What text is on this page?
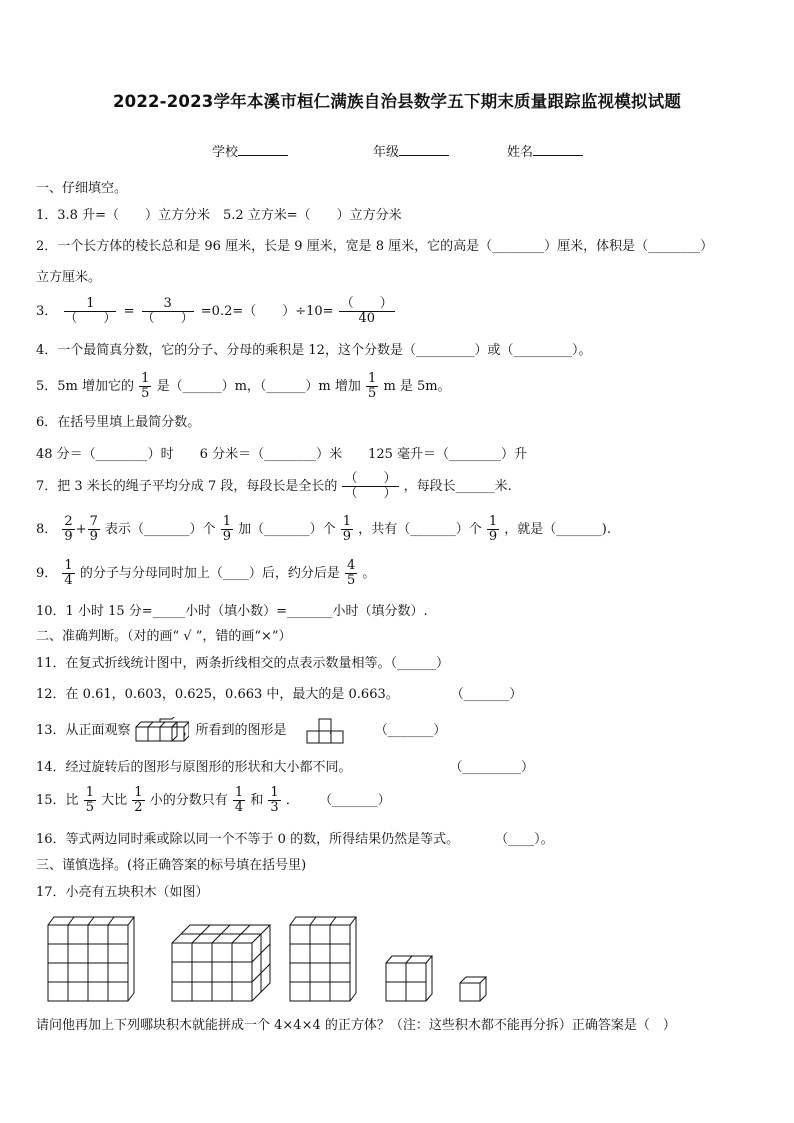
2022-2023学年本溪市桓仁满族自治县数学五下期末质量跟踪监视模拟试题
学校	年级	姓名
一、仔细填空。
1．3.8 升=（　　）立方分米　5.2 立方米=（　　）立方分米
2．一个长方体的棱长总和是 96 厘米，长是 9 厘米，宽是 8 厘米，它的高是（________）厘米，体积是（________）
立方厘米。
3． $\frac{1}{( )} = \frac{3}{( )} =0.2=$（　　）$\div 10= \frac{( )}{40}$
4．一个最简真分数，它的分子、分母的乘积是 12，这个分数是（_________）或（_________）。
5．5m 增加它的 $\frac{1}{5}$ 是（______）m，（______）m 增加 $\frac{1}{5}$ m 是 5m。
6．在括号里填上最简分数。
48 分＝（________）时　　6 分米＝（________）米　　125 毫升＝（________）升
7．把 3 米长的绳子平均分成 7 段，每段长是全长的 $\frac{( )}{( )}$ ，每段长______米.
8． $\frac{2}{9} + \frac{7}{9}$ 表示（_______）个 $\frac{1}{9}$ 加（_______）个 $\frac{1}{9}$ ，共有（_______）个 $\frac{1}{9}$ ，就是（_______).
9． $\frac{1}{4}$ 的分子与分母同时加上（____）后，约分后是 $\frac{4}{5}$ 。
10．1 小时 15 分=_____小时（填小数）=_______小时（填分数）.
二、准确判断。（对的画“ √ ”，错的画“×”）
11．在复式折线统计图中，两条折线相交的点表示数量相等。（______）
12．在 0.61，0.603，0.625，0.663 中，最大的是 0.663。	（_______）
13．从正面观察	，所看到的图形是	.	（_______）
14．经过旋转后的图形与原图形的形状和大小都不同。	（_________）
15．比 $\frac{1}{5}$ 大比 $\frac{1}{2}$ 小的分数只有 $\frac{1}{4}$ 和 $\frac{1}{3}$ ． （_______）
16．等式两边同时乘或除以同一个不等于 0 的数，所得结果仍然是等式。	（____）。
三、谨慎选择。(将正确答案的标号填在括号里)
17．小亮有五块积木（如图）
请问他再加上下列哪块积木就能拼成一个 4×4×4 的正方体？（注：这些积木都不能再分拆）正确答案是（　）
